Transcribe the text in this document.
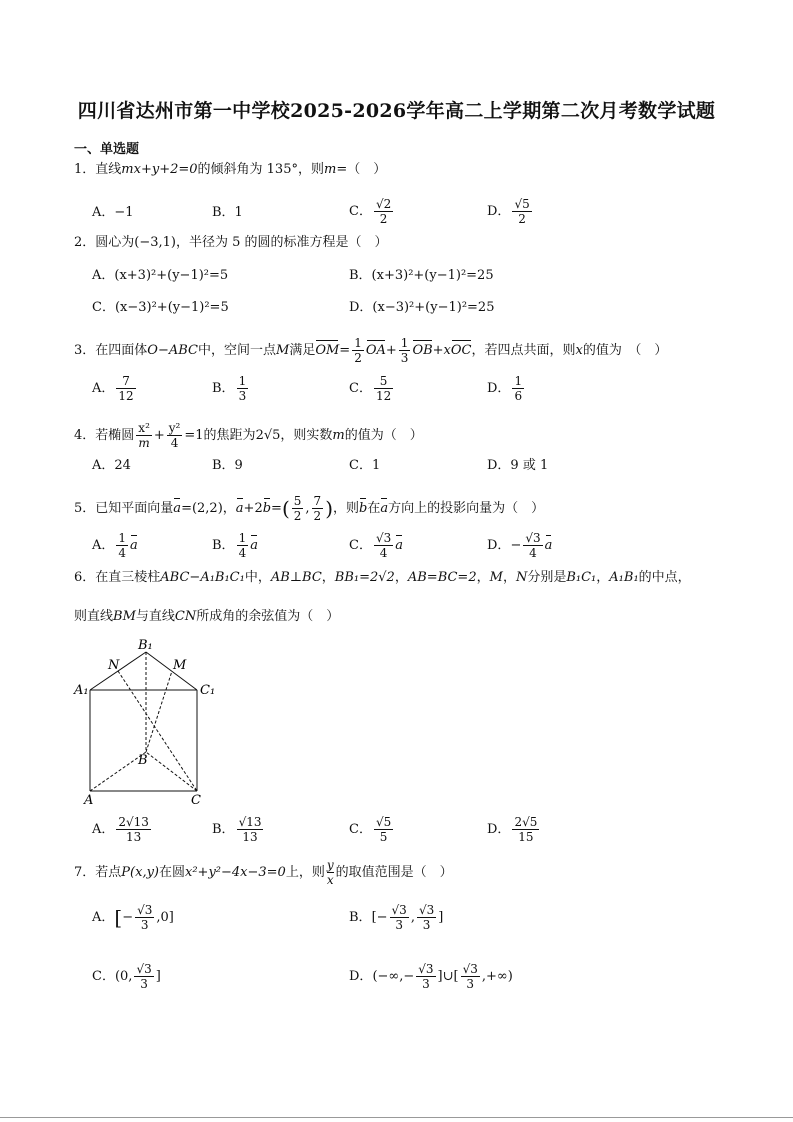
四川省达州市第一中学校2025-2026学年高二上学期第二次月考数学试题
一、单选题
1．直线mx+y+2=0的倾斜角为 135°，则m=（　）
A．−1	B．1	C． $\frac{√2}{2}$	D． $\frac{√5}{2}$
2．圆心为(−3,1)，半径为 5 的圆的标准方程是（　）
A．(x+3)²+(y−1)²=5	B．(x+3)²+(y−1)²=25
C．(x−3)²+(y−1)²=5	D．(x−3)²+(y−1)²=25
3．在四面体O−ABC中，空间一点M满足$OM= \frac{1}{2} OA+ \frac{1}{3} OB+xOC$，若四点共面，则x的值为　（　）
A． $\frac{7}{12}$	B． $\frac{1}{3}$	C． $\frac{5}{12}$	D． $\frac{1}{6}$
4．若椭圆 $\frac{\text{x²}}{m} + \frac{\text{y²}}{4} =1$的焦距为2√5，则实数m的值为（　）
A．24	B．9	C．1	D．9 或 1
5．已知平面向量a=(2,2)，$a+2b=( \frac{5}{2}$ , $\frac{7}{2}$ )，则b在a方向上的投影向量为（　）
A． $\frac{1}{4}$ a	B． $\frac{1}{4}$ a	C． $\frac{√3}{4}$ a	D．− $\frac{√3}{4}$ a
6．在直三棱柱ABC−A₁B₁C₁中，AB⊥BC，BB₁=2√2，AB=BC=2，M，N分别是B₁C₁，A₁B₁的中点，
则直线BM与直线CN所成角的余弦值为（　）
B₁
N	M
A₁	C₁
B
A	C
A． $\frac{2√13}{13}$	B． $\frac{√13}{13}$	C． $\frac{√5}{5}$	D． $\frac{2√5}{15}$
7．若点P(x,y)在圆x²+y²−4x−3=0上，则 $\frac{y}{x}$ 的取值范围是（　）
A．[− $\frac{√3}{3} ,0$]	B．[− $\frac{√3}{3}$ , $\frac{√3}{3}$ ]
C．(0, $\frac{√3}{3}$ ]	D．(−∞,− $\frac{√3}{3}$ ]∪[ $\frac{√3}{3}$ ,+∞)
